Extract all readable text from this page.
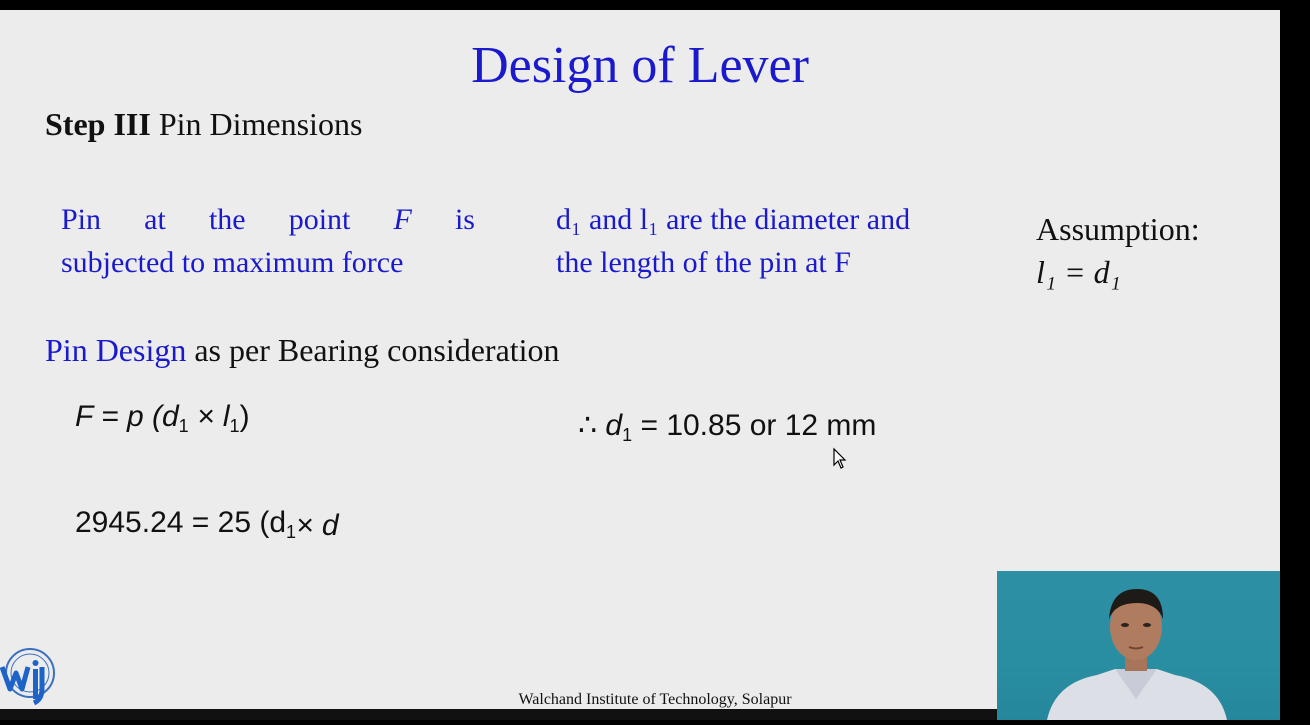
Design of Lever
Step III Pin Dimensions
Pin at the point F is
subjected to maximum force
d₁ and l₁ are the diameter and
the length of the pin at F
Assumption:
l₁ = d₁
Pin Design as per Bearing consideration
F = p $(d_1 \times l_1)$
2945.24 = 25 ($d_1\times d$
∴ $d_1 = 10.85$ or 12 mm
Walchand Institute of Technology, Solapur
